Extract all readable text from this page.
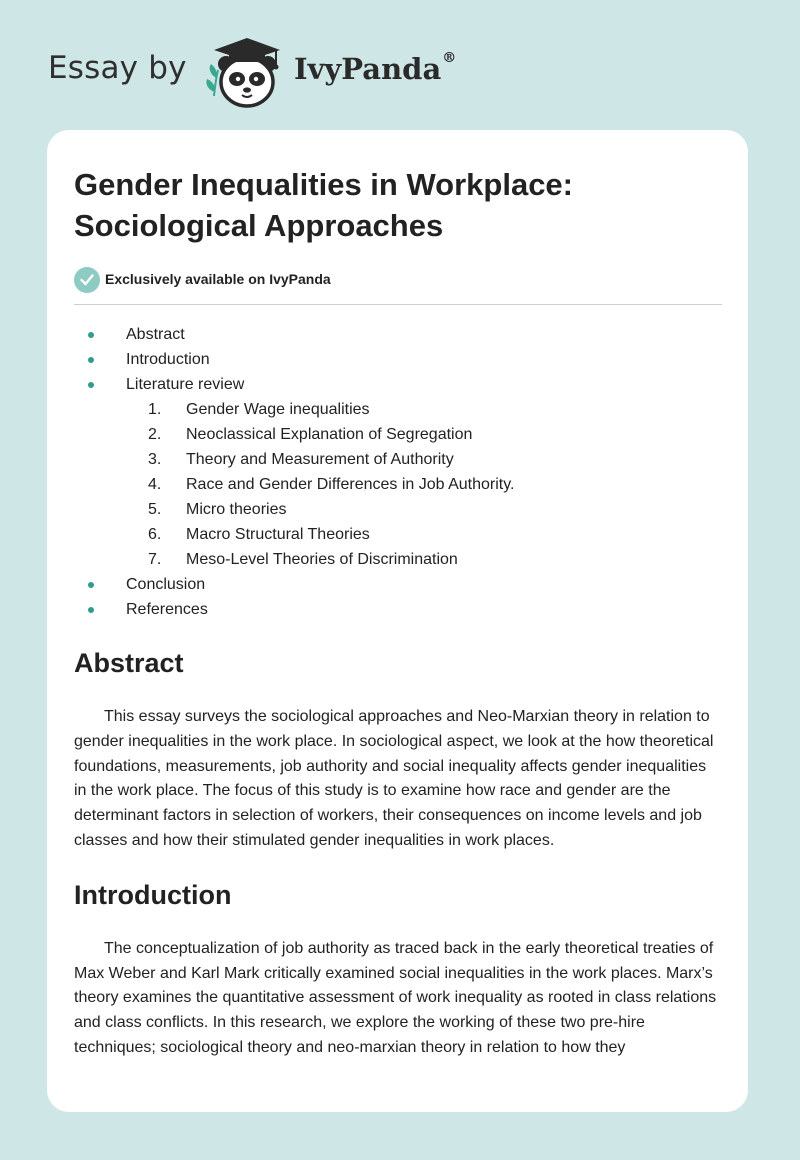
Essay by	IvyPanda®
Gender Inequalities in Workplace: Sociological Approaches
Exclusively available on IvyPanda
Abstract
Introduction
Literature review
1. Gender Wage inequalities
2. Neoclassical Explanation of Segregation
3. Theory and Measurement of Authority
4. Race and Gender Differences in Job Authority.
5. Micro theories
6. Macro Structural Theories
7. Meso-Level Theories of Discrimination
Conclusion
References
Abstract

This essay surveys the sociological approaches and Neo-Marxian theory in relation to gender inequalities in the work place. In sociological aspect, we look at the how theoretical foundations, measurements, job authority and social inequality affects gender inequalities in the work place. The focus of this study is to examine how race and gender are the determinant factors in selection of workers, their consequences on income levels and job classes and how their stimulated gender inequalities in work places.

Introduction

The conceptualization of job authority as traced back in the early theoretical treaties of Max Weber and Karl Mark critically examined social inequalities in the work places. Marx’s theory examines the quantitative assessment of work inequality as rooted in class relations and class conflicts. In this research, we explore the working of these two pre-hire techniques; sociological theory and neo-marxian theory in relation to how they
